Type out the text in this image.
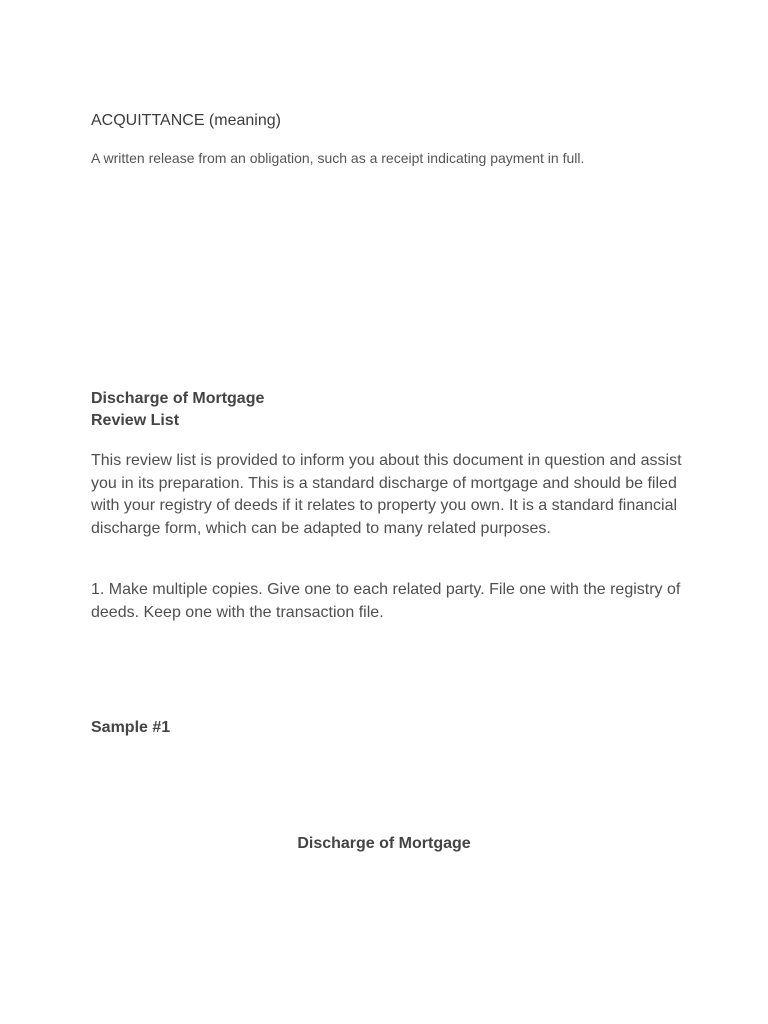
ACQUITTANCE (meaning)

A written release from an obligation, such as a receipt indicating payment in full.

Discharge of Mortgage
Review List

This review list is provided to inform you about this document in question and assist you in its preparation. This is a standard discharge of mortgage and should be filed with your registry of deeds if it relates to property you own. It is a standard financial discharge form, which can be adapted to many related purposes.

1. Make multiple copies. Give one to each related party. File one with the registry of deeds. Keep one with the transaction file.

Sample #1

Discharge of Mortgage
